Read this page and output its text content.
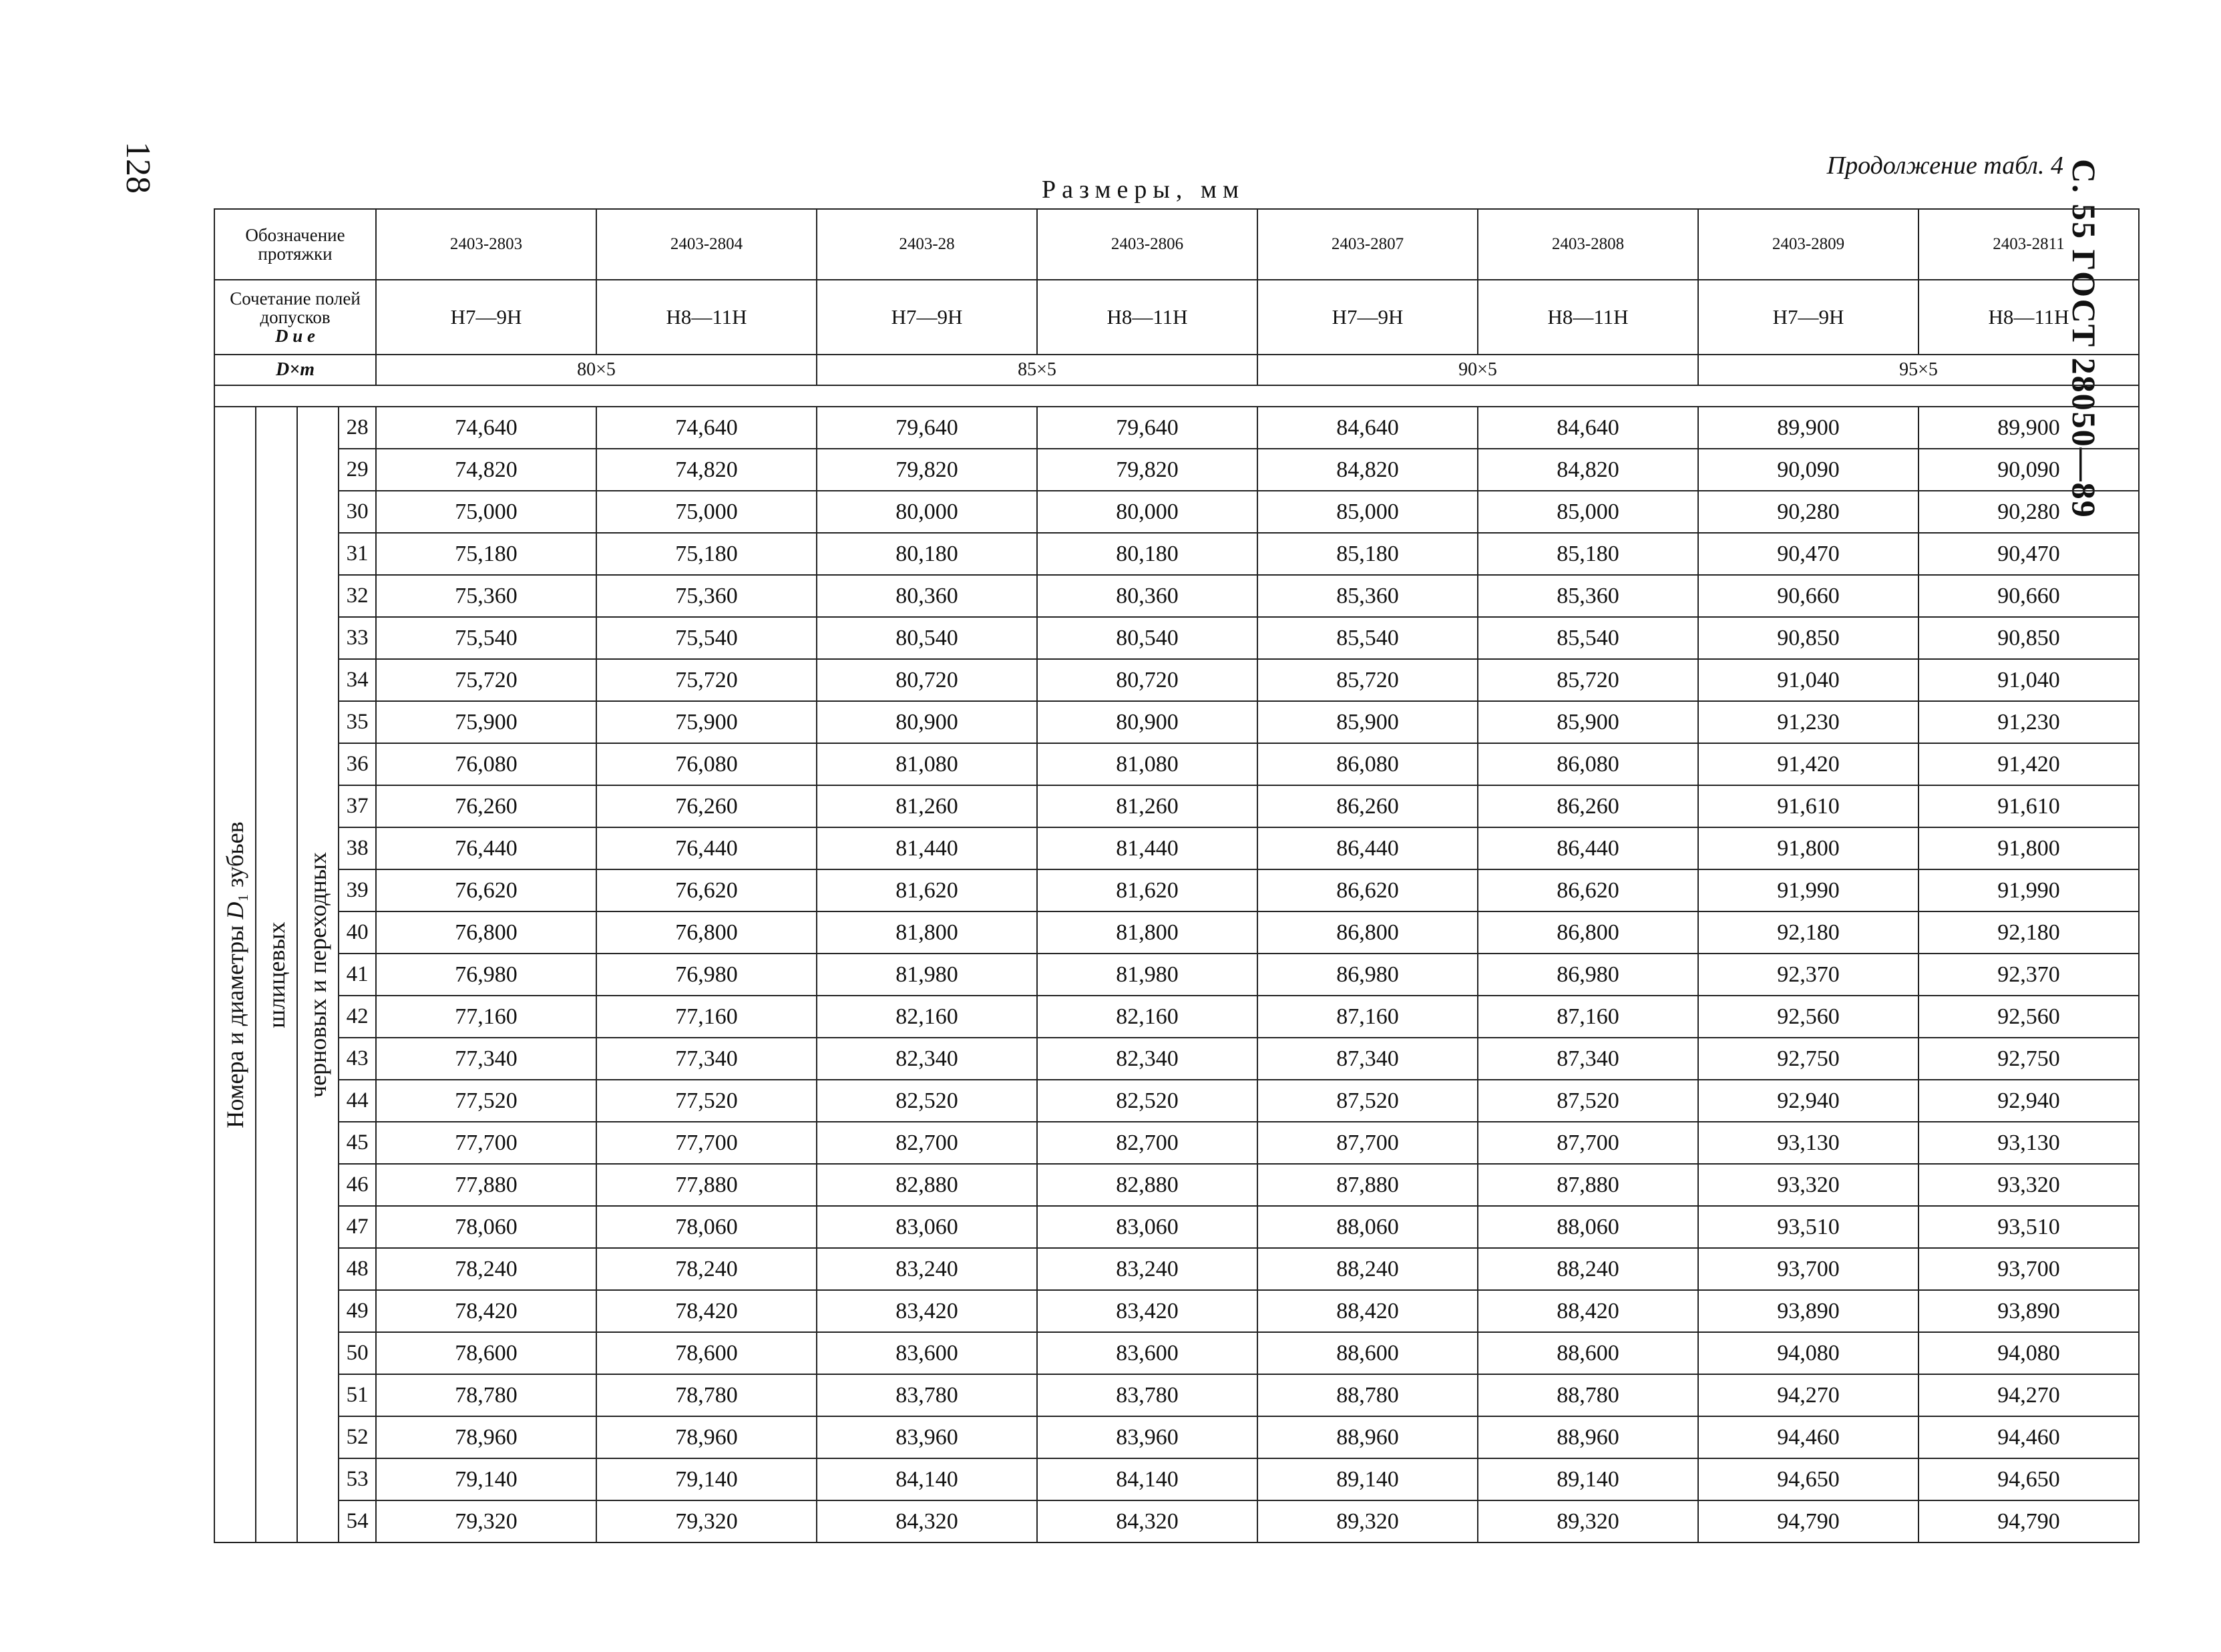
128	Продолжение табл. 4 С. 55 ГОСТ 28050—89
Размеры, мм
Обозначение протяжки				2403-2803	2403-2804	2403-28	2403-2806	2403-2807	2403-2808	2403-2809	2403-2811
Сочетание полей допусков
D и e				H7—9H	H8—11H	H7—9H	H8—11H	H7—9H	H8—11H	H7—9H	H8—11H
D×m				80×5		85×5		90×5		95×5	

Номера и диаметры D₁ зубьев	шлицевых	черновых и переходных	28	74,640	74,640	79,640	79,640	84,640	84,640	89,900	89,900
			29	74,820	74,820	79,820	79,820	84,820	84,820	90,090	90,090
			30	75,000	75,000	80,000	80,000	85,000	85,000	90,280	90,280
			31	75,180	75,180	80,180	80,180	85,180	85,180	90,470	90,470
			32	75,360	75,360	80,360	80,360	85,360	85,360	90,660	90,660
			33	75,540	75,540	80,540	80,540	85,540	85,540	90,850	90,850
			34	75,720	75,720	80,720	80,720	85,720	85,720	91,040	91,040
			35	75,900	75,900	80,900	80,900	85,900	85,900	91,230	91,230
			36	76,080	76,080	81,080	81,080	86,080	86,080	91,420	91,420
			37	76,260	76,260	81,260	81,260	86,260	86,260	91,610	91,610
			38	76,440	76,440	81,440	81,440	86,440	86,440	91,800	91,800
			39	76,620	76,620	81,620	81,620	86,620	86,620	91,990	91,990
			40	76,800	76,800	81,800	81,800	86,800	86,800	92,180	92,180
			41	76,980	76,980	81,980	81,980	86,980	86,980	92,370	92,370
			42	77,160	77,160	82,160	82,160	87,160	87,160	92,560	92,560
			43	77,340	77,340	82,340	82,340	87,340	87,340	92,750	92,750
			44	77,520	77,520	82,520	82,520	87,520	87,520	92,940	92,940
			45	77,700	77,700	82,700	82,700	87,700	87,700	93,130	93,130
			46	77,880	77,880	82,880	82,880	87,880	87,880	93,320	93,320
			47	78,060	78,060	83,060	83,060	88,060	88,060	93,510	93,510
			48	78,240	78,240	83,240	83,240	88,240	88,240	93,700	93,700
			49	78,420	78,420	83,420	83,420	88,420	88,420	93,890	93,890
			50	78,600	78,600	83,600	83,600	88,600	88,600	94,080	94,080
			51	78,780	78,780	83,780	83,780	88,780	88,780	94,270	94,270
			52	78,960	78,960	83,960	83,960	88,960	88,960	94,460	94,460
			53	79,140	79,140	84,140	84,140	89,140	89,140	94,650	94,650
			54	79,320	79,320	84,320	84,320	89,320	89,320	94,790	94,790
